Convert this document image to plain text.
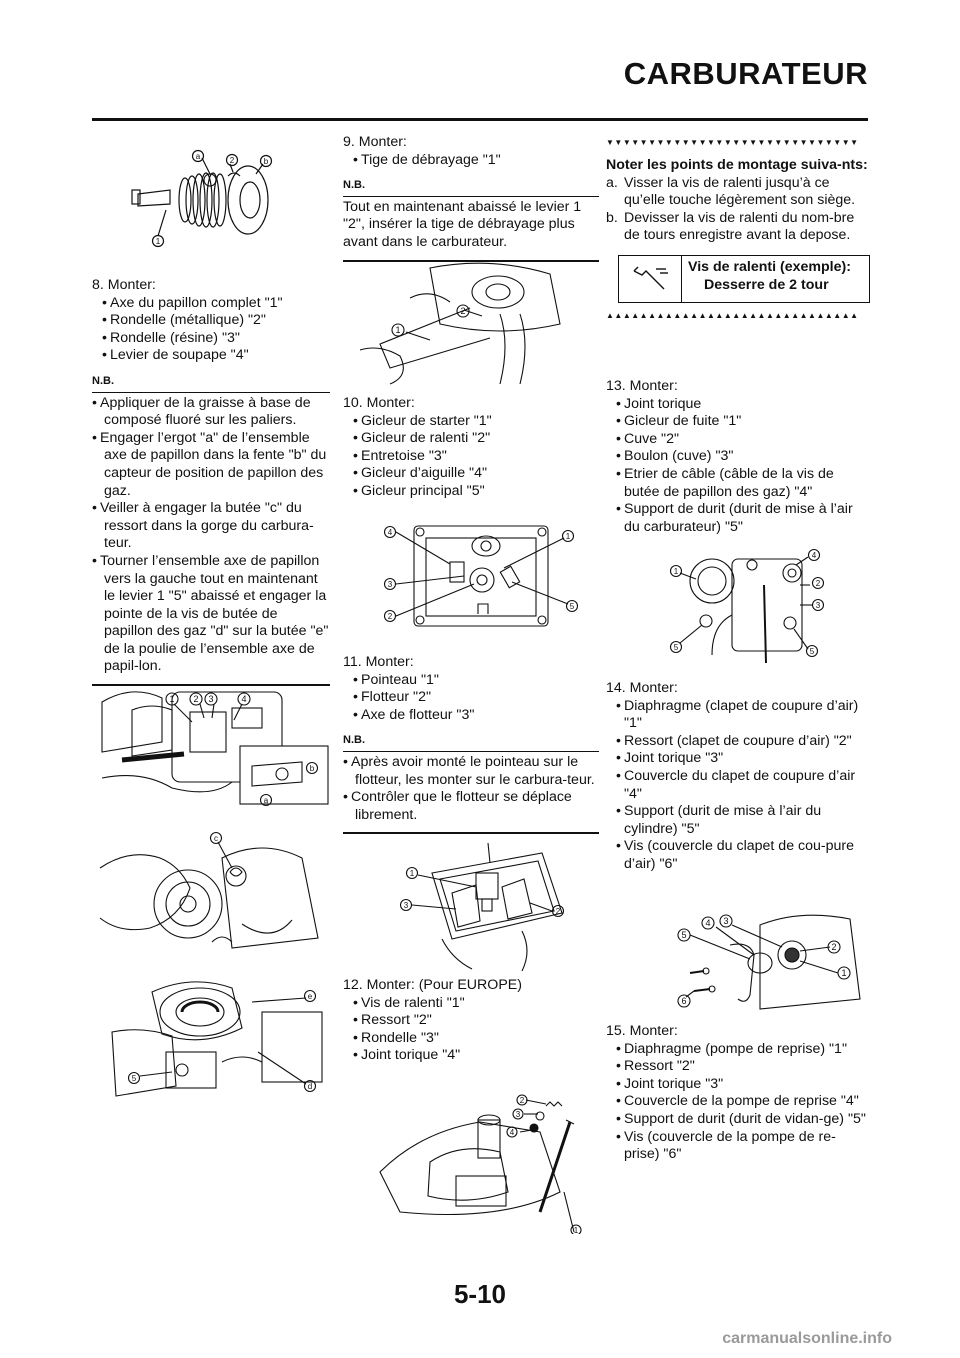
CARBURATEUR

8. Monter:

• Axe du papillon complet "1"

• Rondelle (métallique) "2"

• Rondelle (résine) "3"

• Levier de soupape "4"

N.B.

• Appliquer de la graisse à base de composé fluoré sur les paliers.

• Engager l’ergot "a" de l’ensemble axe de papillon dans la fente "b" du capteur de position de papillon des gaz.

• Veiller à engager la butée "c" du ressort dans la gorge du carbura-teur.

• Tourner l’ensemble axe de papillon vers la gauche tout en maintenant le levier 1 "5" abaissé et engager la pointe de la vis de butée de papillon des gaz "d" sur la butée "e" de la poulie de l’ensemble axe de papil-lon.

a	2	b
1
1 2 3	4
b
a
c
e
5
d

9. Monter:

• Tige de débrayage "1"

N.B.

Tout en maintenant abaissé le levier 1 "2", insérer la tige de débrayage plus avant dans le carburateur.

2
1

10. Monter:

• Gicleur de starter "1"

• Gicleur de ralenti "2"

• Entretoise "3"

• Gicleur d’aiguille "4"

• Gicleur principal "5"

4	1
3
2
5

11. Monter:

• Pointeau "1"

• Flotteur "2"

• Axe de flotteur "3"

N.B.

• Après avoir monté le pointeau sur le flotteur, les monter sur le carbura-teur.

• Contrôler que le flotteur se déplace librement.

1
3
2

12. Monter: (Pour EUROPE)

• Vis de ralenti "1"

• Ressort "2"

• Rondelle "3"

• Joint torique "4"

2
3
4
1
▼▼▼▼▼▼▼▼▼▼▼▼▼▼▼▼▼▼▼▼▼▼▼▼▼▼▼▼▼▼

Noter les points de montage suiva-nts:

a. Visser la vis de ralenti jusqu’à ce qu’elle touche légèrement son siège.

b. Devisser la vis de ralenti du nom-bre de tours enregistre avant la depose.

Vis de ralenti (exemple):
Desserre de 2 tour
▲▲▲▲▲▲▲▲▲▲▲▲▲▲▲▲▲▲▲▲▲▲▲▲▲▲▲▲▲▲

13. Monter:

• Joint torique

• Gicleur de fuite "1"

• Cuve "2"

• Boulon (cuve) "3"

• Etrier de câble (câble de la vis de butée de papillon des gaz) "4"

• Support de durit (durit de mise à l’air du carburateur) "5"

1
4
2
3
5	5

14. Monter:

• Diaphragme (clapet de coupure d’air) "1"

• Ressort (clapet de coupure d’air) "2"

• Joint torique "3"

• Couvercle du clapet de coupure d’air "4"

• Support (durit de mise à l’air du cylindre) "5"

• Vis (couvercle du clapet de cou-pure d’air) "6"

4 3
5
2
1
6

15. Monter:

• Diaphragme (pompe de reprise) "1"

• Ressort "2"

• Joint torique "3"

• Couvercle de la pompe de reprise "4"

• Support de durit (durit de vidan-ge) "5"

• Vis (couvercle de la pompe de re-prise) "6"

5-10
carmanualsonline.info
